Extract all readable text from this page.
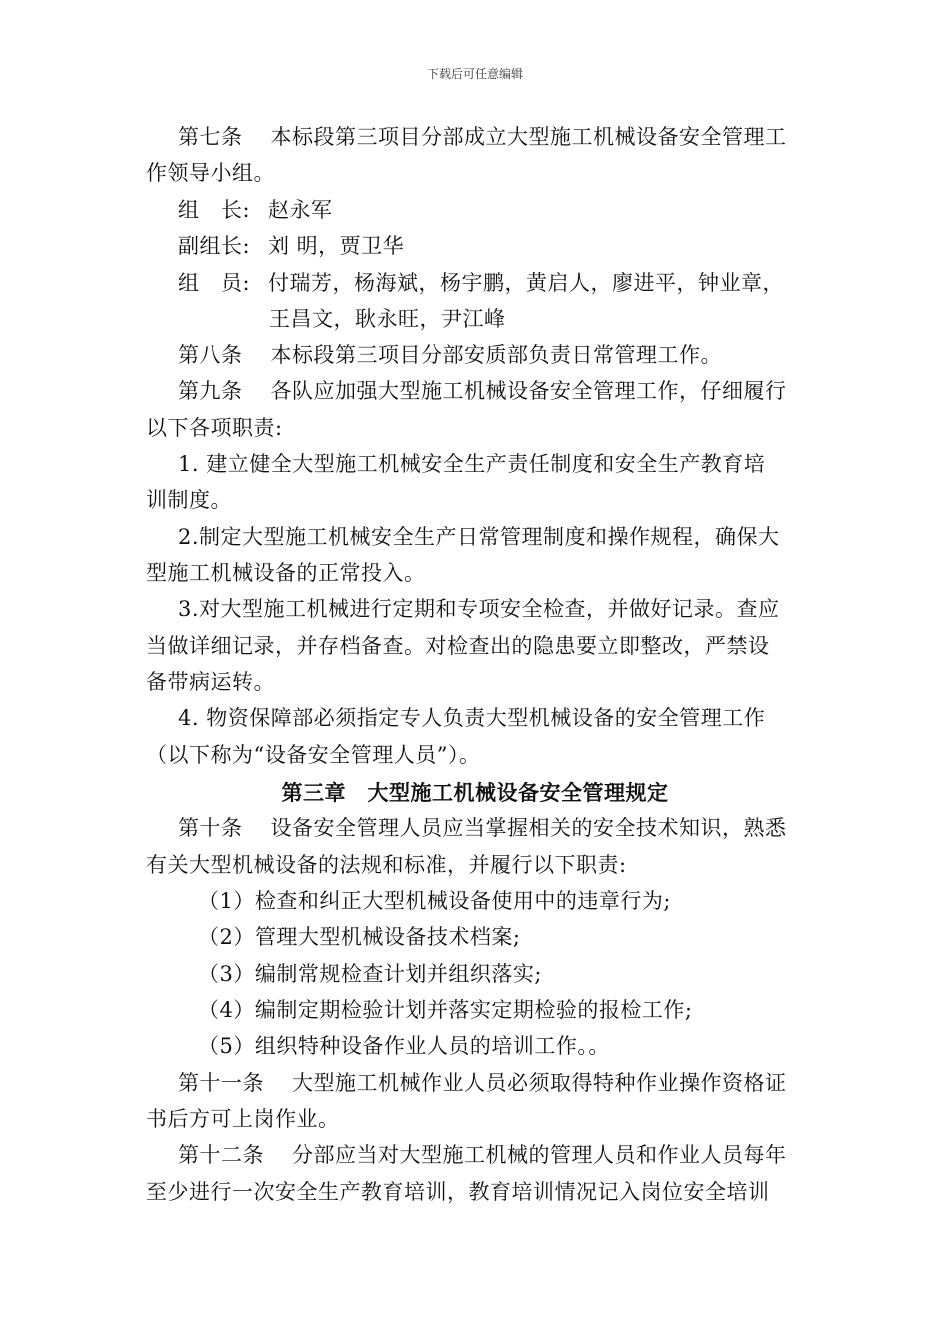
下载后可任意编辑
第七条 本标段第三项目分部成立大型施工机械设备安全管理工
作领导小组。
组　长: 赵永军
副组长: 刘 明，贾卫华
组　员: 付瑞芳，杨海斌，杨宇鹏，黄启人，廖进平，钟业章，
王昌文，耿永旺，尹江峰
第八条 本标段第三项目分部安质部负责日常管理工作。
第九条 各队应加强大型施工机械设备安全管理工作，仔细履行
以下各项职责:
1. 建立健全大型施工机械安全生产责任制度和安全生产教育培
训制度。
2.制定大型施工机械安全生产日常管理制度和操作规程，确保大
型施工机械设备的正常投入。
3.对大型施工机械进行定期和专项安全检查，并做好记录。查应
当做详细记录，并存档备查。对检查出的隐患要立即整改，严禁设
备带病运转。
4. 物资保障部必须指定专人负责大型机械设备的安全管理工作
（以下称为“设备安全管理人员”）。
第三章　大型施工机械设备安全管理规定
第十条 设备安全管理人员应当掌握相关的安全技术知识，熟悉
有关大型机械设备的法规和标准，并履行以下职责:
（1）检查和纠正大型机械设备使用中的违章行为;
（2）管理大型机械设备技术档案;
（3）编制常规检查计划并组织落实;
（4）编制定期检验计划并落实定期检验的报检工作;
（5）组织特种设备作业人员的培训工作。。
第十一条 大型施工机械作业人员必须取得特种作业操作资格证
书后方可上岗作业。
第十二条 分部应当对大型施工机械的管理人员和作业人员每年
至少进行一次安全生产教育培训，教育培训情况记入岗位安全培训
